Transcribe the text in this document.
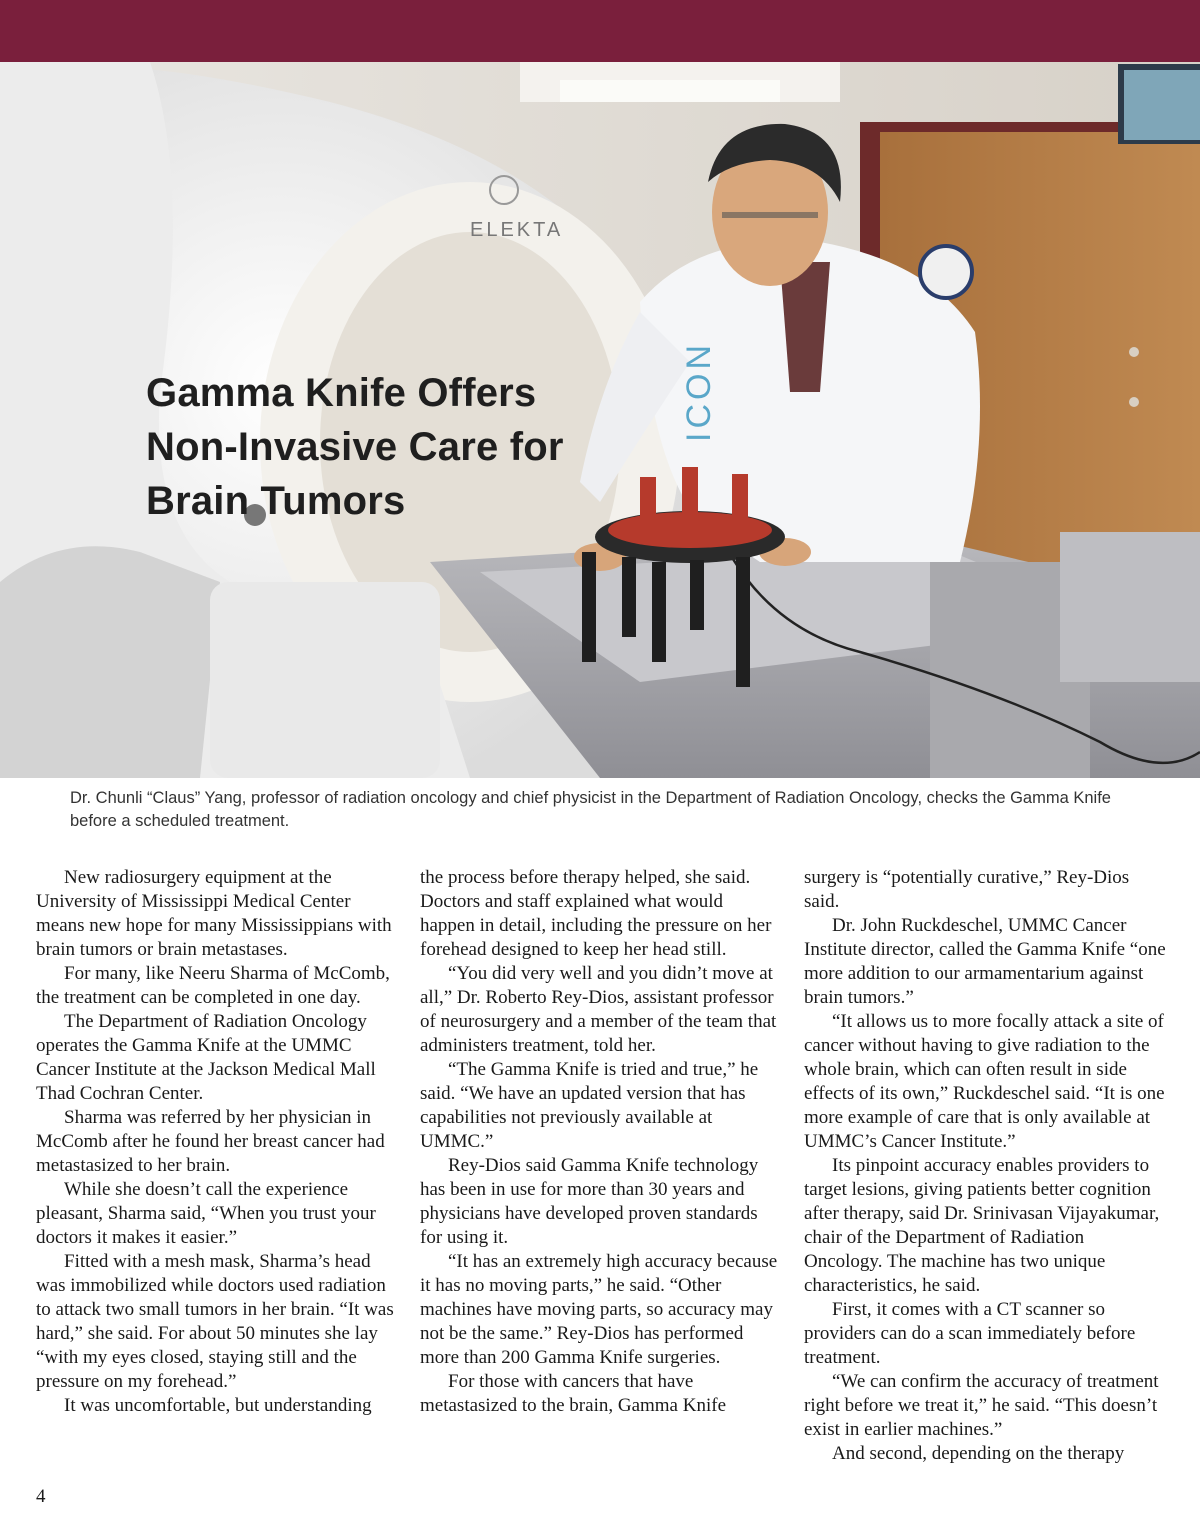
ELEKTA
ICON
Gamma Knife Offers Non-Invasive Care for Brain Tumors

Dr. Chunli “Claus” Yang, professor of radiation oncology and chief physicist in the Department of Radiation Oncology, checks the Gamma Knife before a scheduled treatment.

New radiosurgery equipment at the University of Mississippi Medical Center means new hope for many Mississippians with brain tumors or brain metastases.

For many, like Neeru Sharma of McComb, the treatment can be completed in one day.

The Department of Radiation Oncology operates the Gamma Knife at the UMMC Cancer Institute at the Jackson Medical Mall Thad Cochran Center.

Sharma was referred by her physician in McComb after he found her breast cancer had metastasized to her brain.

While she doesn’t call the experience pleasant, Sharma said, “When you trust your doctors it makes it easier.”

Fitted with a mesh mask, Sharma’s head was immobilized while doctors used radiation to attack two small tumors in her brain. “It was hard,” she said. For about 50 minutes she lay “with my eyes closed, staying still and the pressure on my forehead.”

It was uncomfortable, but understanding

the process before therapy helped, she said. Doctors and staff explained what would happen in detail, including the pressure on her forehead designed to keep her head still.

“You did very well and you didn’t move at all,” Dr. Roberto Rey-Dios, assistant professor of neurosurgery and a member of the team that administers treatment, told her.

“The Gamma Knife is tried and true,” he said. “We have an updated version that has capabilities not previously available at UMMC.”

Rey-Dios said Gamma Knife technology has been in use for more than 30 years and physicians have developed proven standards for using it.

“It has an extremely high accuracy because it has no moving parts,” he said. “Other machines have moving parts, so accuracy may not be the same.” Rey-Dios has performed more than 200 Gamma Knife surgeries.

For those with cancers that have metastasized to the brain, Gamma Knife

surgery is “potentially curative,” Rey-Dios said.

Dr. John Ruckdeschel, UMMC Cancer Institute director, called the Gamma Knife “one more addition to our armamentarium against brain tumors.”

“It allows us to more focally attack a site of cancer without having to give radiation to the whole brain, which can often result in side effects of its own,” Ruckdeschel said. “It is one more example of care that is only available at UMMC’s Cancer Institute.”

Its pinpoint accuracy enables providers to target lesions, giving patients better cognition after therapy, said Dr. Srinivasan Vijayakumar, chair of the Department of Radiation Oncology. The machine has two unique characteristics, he said.

First, it comes with a CT scanner so providers can do a scan immediately before treatment.

“We can confirm the accuracy of treatment right before we treat it,” he said. “This doesn’t exist in earlier machines.”

And second, depending on the therapy

4
